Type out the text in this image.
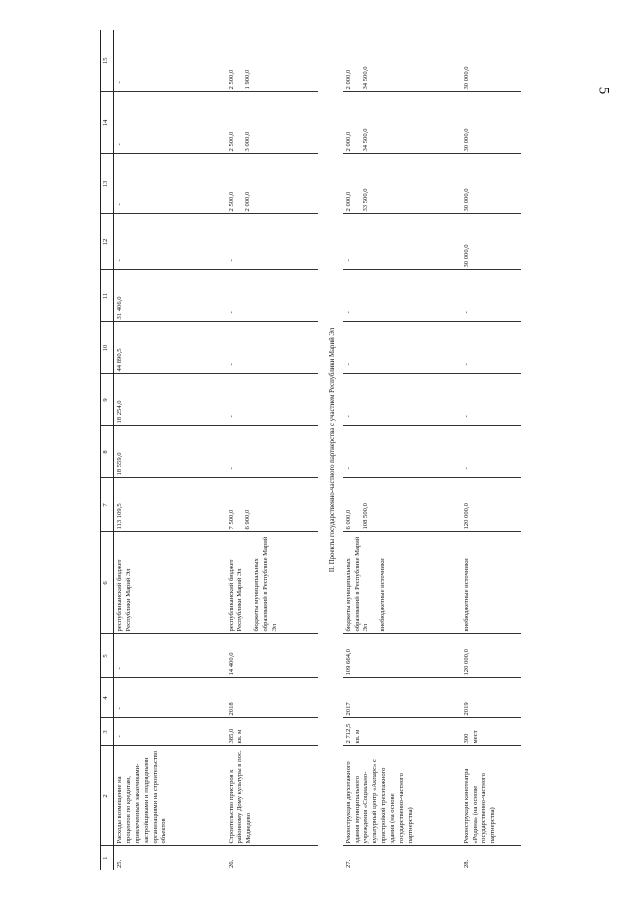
5
1	2	3	4	5	6	7	8	9	10	11	12	13	14	15
25.	Расходы возмещение на процентов по кредитам, привлеченным заказчиками-застройщиками и подрядными организациями на строительство объектов	-	-	-	республиканский бюджет Республики Марий Эл	113 109,5	18 559,0	18 254,0	44 890,5	31 406,0	-	-	-	-
26.	Строительство пристроя к районному Дому культуры в пос. Медведево	385,0 кв. м	2018	14 400,0	республиканский бюджет Республики Марий Эл бюджеты муниципальных образований в Республике Марий Эл	7 500,0 6 900,0	-	-	-	-	-	2 500,0 2 000,0	2 500,0 3 000,0	2 500,0 1 900,0
II. Проекты государственно-частного партнерства с участием Республики Марий Эл														
27.	Реконструкция двухэтажного здания муниципального учреждения «Социально-культурный центр «Акпарс» с пристройкой трехэтажного здания (на основе государственно-частного партнерства)	2 712,5 кв. м	2017	109 664,0	бюджеты муниципальных образований в Республике Марий Эл внебюджетные источники	6 000,0 108 500,0	-	-	-	-	-	2 000,0 33 500,0	2 000,0 34 500,0	2 000,0 34 500,0
28.	Реконструкция кинотеатра «Родина» (на основе государственно-частного партнерства)	300 мест	2019	120 000,0	внебюджетные источники	120 000,0	-	-	-	-	30 000,0	30 000,0	30 000,0	30 000,0
